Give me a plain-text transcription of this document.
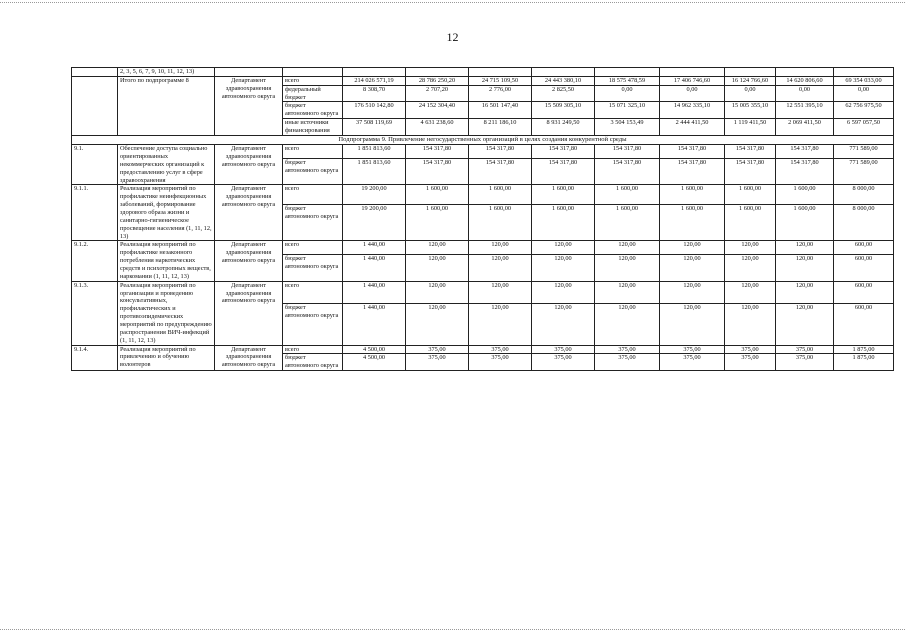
12
	2, 3, 5, 6, 7, 9, 10, 11, 12, 13)											
	Итого по подпрограмме 8	Департамент здравоохранения автономного округа	всего	214 026 571,19	28 786 250,20	24 715 109,50	24 443 380,10	18 575 478,59	17 406 746,60	16 124 766,60	14 620 806,60	69 354 033,00
			федеральный бюджет	8 308,70	2 707,20	2 776,00	2 825,50	0,00	0,00	0,00	0,00	0,00
			бюджет автономного округа	176 510 142,80	24 152 304,40	16 501 147,40	15 509 305,10	15 071 325,10	14 962 335,10	15 005 355,10	12 551 395,10	62 756 975,50
			иные источники финансирования	37 508 119,69	4 631 238,60	8 211 186,10	8 931 249,50	3 504 153,49	2 444 411,50	1 119 411,50	2 069 411,50	6 597 057,50
Подпрограмма 9. Привлечение негосударственных организаций в целях создания конкурентной среды												
9.1.	Обеспечение доступа социально ориентированных некоммерческих организаций к предоставлению услуг в сфере здравоохранения	Департамент здравоохранения автономного округа	всего	1 851 813,60	154 317,80	154 317,80	154 317,80	154 317,80	154 317,80	154 317,80	154 317,80	771 589,00
			бюджет автономного округа	1 851 813,60	154 317,80	154 317,80	154 317,80	154 317,80	154 317,80	154 317,80	154 317,80	771 589,00
9.1.1.	Реализация мероприятий по профилактике неинфекционных заболеваний, формирование здорового образа жизни и санитарно-гигиеническое просвещение населения (1, 11, 12, 13)	Департамент здравоохранения автономного округа	всего	19 200,00	1 600,00	1 600,00	1 600,00	1 600,00	1 600,00	1 600,00	1 600,00	8 000,00
			бюджет автономного округа	19 200,00	1 600,00	1 600,00	1 600,00	1 600,00	1 600,00	1 600,00	1 600,00	8 000,00
9.1.2.	Реализация мероприятий по профилактике незаконного потребления наркотических средств и психотропных веществ, наркомании (1, 11, 12, 13)	Департамент здравоохранения автономного округа	всего	1 440,00	120,00	120,00	120,00	120,00	120,00	120,00	120,00	600,00
			бюджет автономного округа	1 440,00	120,00	120,00	120,00	120,00	120,00	120,00	120,00	600,00
9.1.3.	Реализация мероприятий по организации и проведению консультативных, профилактических и противоэпидемических мероприятий по предупреждению распространения ВИЧ-инфекций (1, 11, 12, 13)	Департамент здравоохранения автономного округа	всего	1 440,00	120,00	120,00	120,00	120,00	120,00	120,00	120,00	600,00
			бюджет автономного округа	1 440,00	120,00	120,00	120,00	120,00	120,00	120,00	120,00	600,00
9.1.4.	Реализация мероприятий по привлечению и обучению волонтеров	Департамент здравоохранения автономного округа	всего	4 500,00	375,00	375,00	375,00	375,00	375,00	375,00	375,00	1 875,00
			бюджет автономного округа	4 500,00	375,00	375,00	375,00	375,00	375,00	375,00	375,00	1 875,00
